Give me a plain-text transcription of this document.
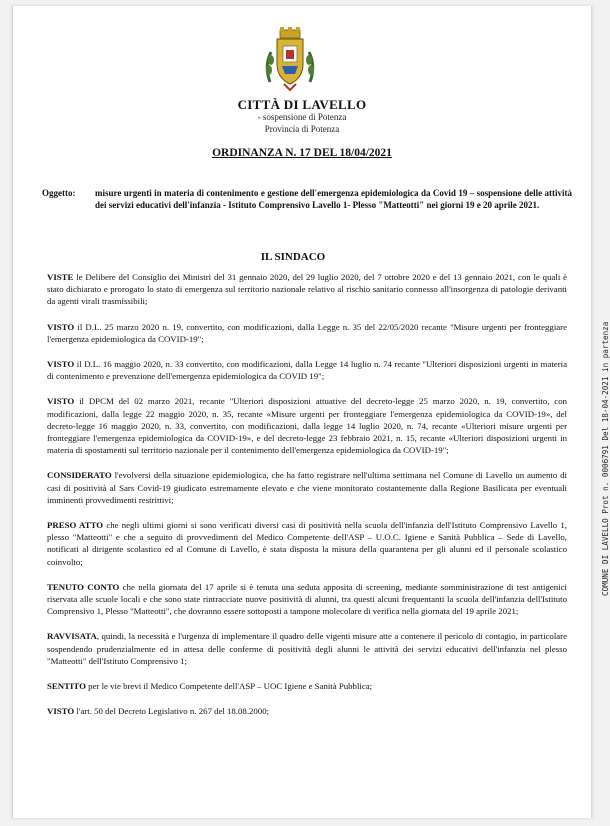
CITTÀ DI LAVELLO
- sospensione di Potenza
Provincia di Potenza
ORDINANZA N. 17 DEL 18/04/2021
Oggetto: misure urgenti in materia di contenimento e gestione dell'emergenza epidemiologica da Covid 19 – sospensione delle attività dei servizi educativi dell'infanzia - Istituto Comprensivo Lavello 1- Plesso "Matteotti" nei giorni 19 e 20 aprile 2021.
IL SINDACO

VISTE le Delibere del Consiglio dei Ministri del 31 gennaio 2020, del 29 luglio 2020, del 7 ottobre 2020 e del 13 gennaio 2021, con le quali è stato dichiarato e prorogato lo stato di emergenza sul territorio nazionale relativo al rischio sanitario connesso all'insorgenza di patologie derivanti da agenti virali trasmissibili;

VISTO il D.L. 25 marzo 2020 n. 19, convertito, con modificazioni, dalla Legge n. 35 del 22/05/2020 recante "Misure urgenti per fronteggiare l'emergenza epidemiologica da COVID-19";

VISTO il D.L. 16 maggio 2020, n. 33 convertito, con modificazioni, dalla Legge 14 luglio n. 74 recante "Ulteriori disposizioni urgenti in materia di contenimento e prevenzione dell'emergenza epidemiologica da COVID 19";

VISTO il DPCM del 02 marzo 2021, recante "Ulteriori disposizioni attuative del decreto-legge 25 marzo 2020, n. 19, convertito, con modificazioni, dalla legge 22 maggio 2020, n. 35, recante «Misure urgenti per fronteggiare l'emergenza epidemiologica da COVID-19», del decreto-legge 16 maggio 2020, n. 33, convertito, con modificazioni, dalla legge 14 luglio 2020, n. 74, recante «Ulteriori misure urgenti per fronteggiare l'emergenza epidemiologica da COVID-19», e del decreto-legge 23 febbraio 2021, n. 15, recante «Ulteriori disposizioni urgenti in materia di spostamenti sul territorio nazionale per il contenimento dell'emergenza epidemiologica da COVID-19";

CONSIDERATO l'evolversi della situazione epidemiologica, che ha fatto registrare nell'ultima settimana nel Comune di Lavello un aumento di casi di positività al Sars Covid-19 giudicato estremamente elevato e che viene monitorato costantemente dalla Regione Basilicata per eventuali imminenti provvedimenti restrittivi;

PRESO ATTO che negli ultimi giorni si sono verificati diversi casi di positività nella scuola dell'infanzia dell'Istituto Comprensivo Lavello 1, plesso "Matteotti" e che a seguito di provvedimenti del Medico Competente dell'ASP – U.O.C. Igiene e Sanità Pubblica – Sede di Lavello, notificati al dirigente scolastico ed al Comune di Lavello, è stata disposta la misura della quarantena per gli alunni ed il personale scolastico coinvolto;

TENUTO CONTO che nella giornata del 17 aprile si è tenuta una seduta apposita di screening, mediante somministrazione di test antigenici riservata alle scuole locali e che sono state rintracciate nuove positività di alunni, tra questi alcuni frequentanti la scuola dell'infanzia dell'Istituto Comprensivo 1, Plesso "Matteotti", che dovranno essere sottoposti a tampone molecolare di verifica nella giornata del 19 aprile 2021;

RAVVISATA, quindi, la necessità e l'urgenza di implementare il quadro delle vigenti misure atte a contenere il pericolo di contagio, in particolare sospendendo prudenzialmente ed in attesa delle conferme di positività degli alunni le attività dei servizi educativi dell'infanzia nel plesso "Matteotti" dell'Istituto Comprensivo 1;

SENTITO per le vie brevi il Medico Competente dell'ASP – UOC Igiene e Sanità Pubblica;

VISTO l'art. 50 del Decreto Legislativo n. 267 del 18.08.2000;

COMUNE DI LAVELLO Prot n. 0006791 Del 18-04-2021 in partenza
